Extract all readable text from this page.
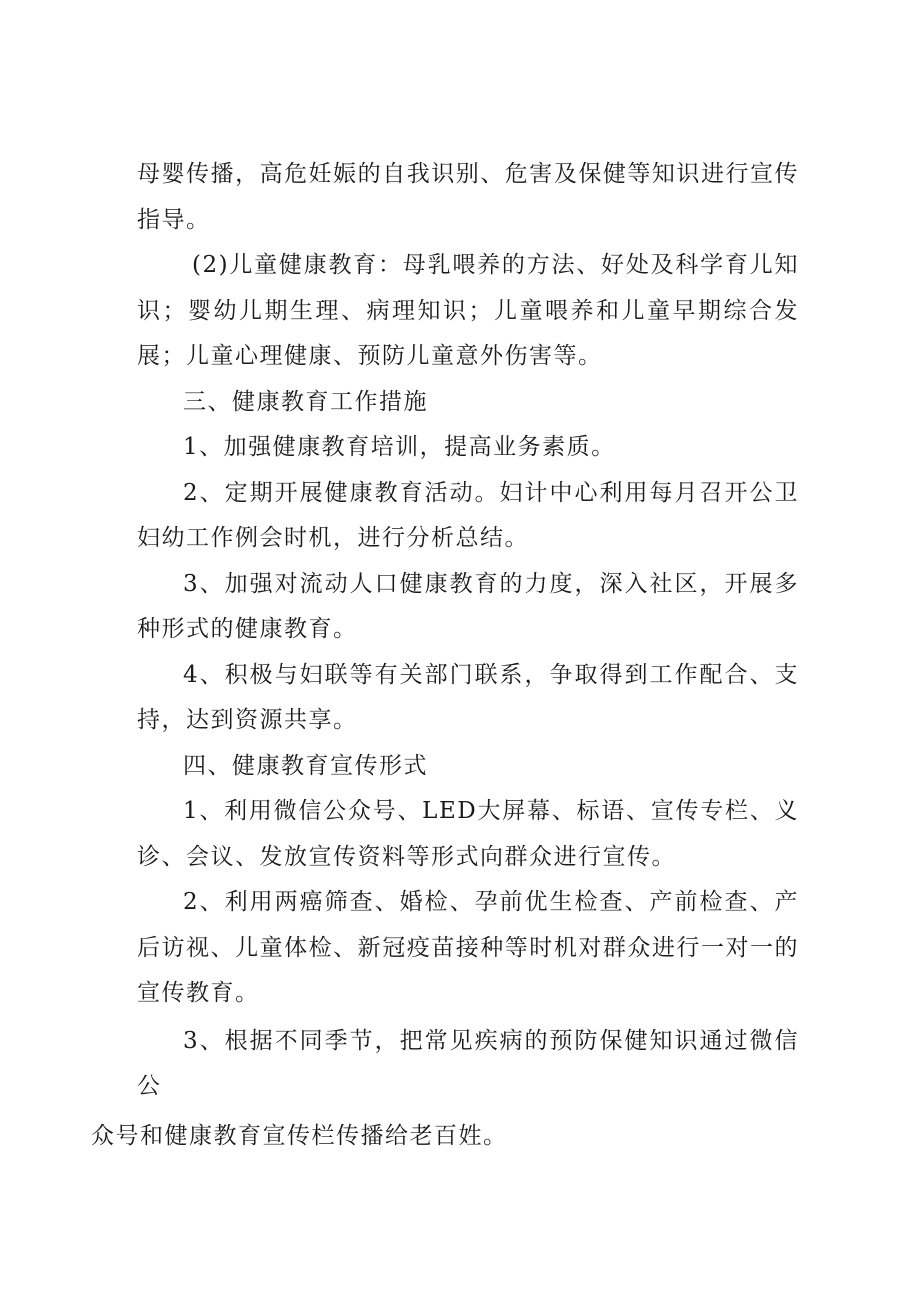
母婴传播，高危妊娠的自我识别、危害及保健等知识进行宣传指导。

(2)儿童健康教育：母乳喂养的方法、好处及科学育儿知识；婴幼儿期生理、病理知识；儿童喂养和儿童早期综合发展；儿童心理健康、预防儿童意外伤害等。

三、健康教育工作措施

1、加强健康教育培训，提高业务素质。

2、定期开展健康教育活动。妇计中心利用每月召开公卫妇幼工作例会时机，进行分析总结。

3、加强对流动人口健康教育的力度，深入社区，开展多种形式的健康教育。

4、积极与妇联等有关部门联系，争取得到工作配合、支持，达到资源共享。

四、健康教育宣传形式

1、利用微信公众号、LED大屏幕、标语、宣传专栏、义诊、会议、发放宣传资料等形式向群众进行宣传。

2、利用两癌筛查、婚检、孕前优生检查、产前检查、产后访视、儿童体检、新冠疫苗接种等时机对群众进行一对一的宣传教育。

3、根据不同季节，把常见疾病的预防保健知识通过微信公
众号和健康教育宣传栏传播给老百姓。
